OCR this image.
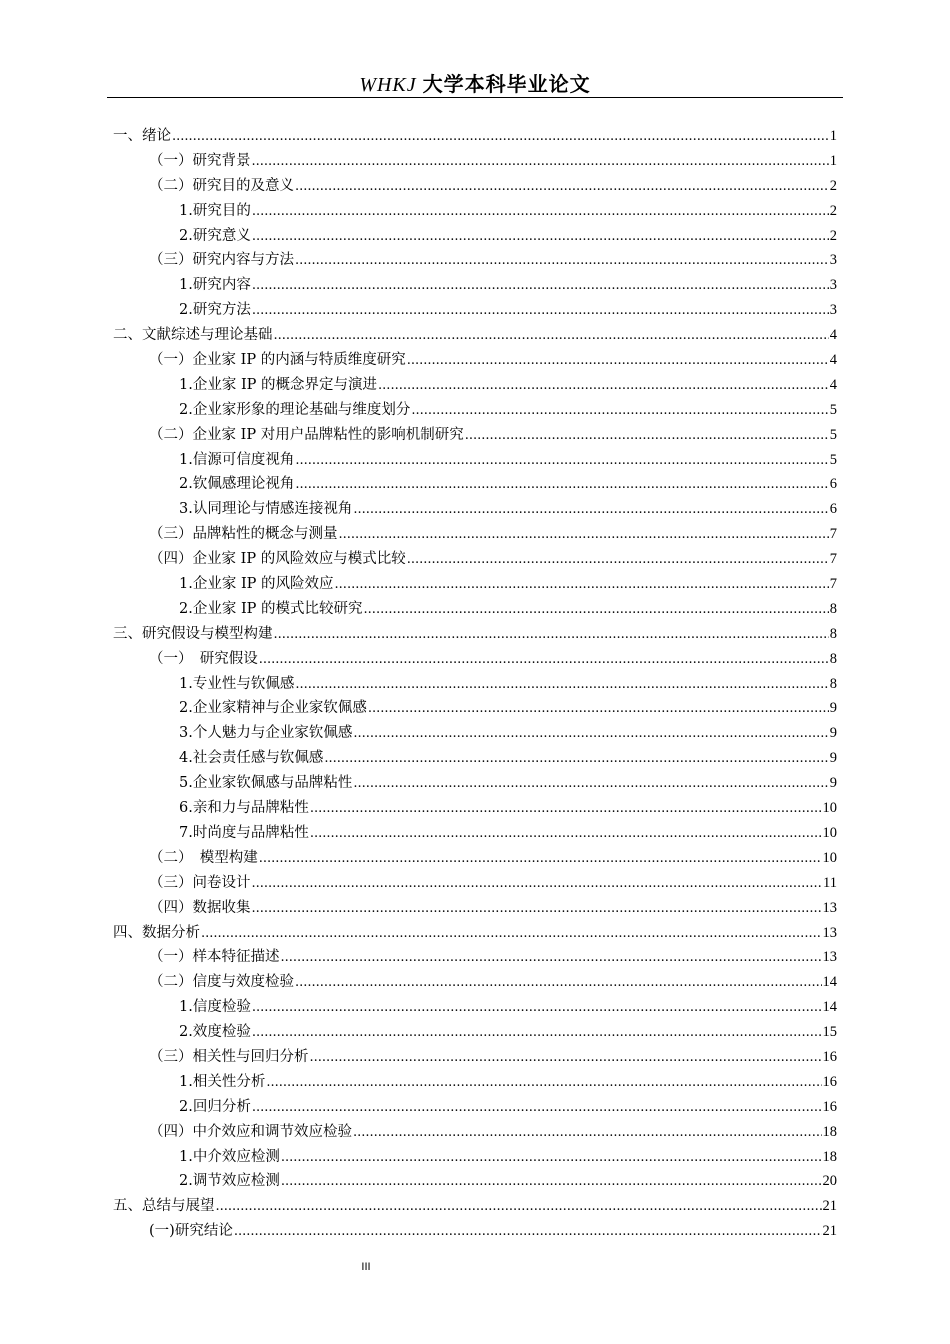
WHKJ 大学本科毕业论文
一、绪论 .....	1
（一）研究背景 .....	1
（二）研究目的及意义 .....	2
1.研究目的 .....	2
2.研究意义 .....	2
（三）研究内容与方法 .....	3
1.研究内容 .....	3
2.研究方法 .....	3
二、文献综述与理论基础 .....	4
（一）企业家 IP 的内涵与特质维度研究 .....	4
1.企业家 IP 的概念界定与演进 .....	4
2.企业家形象的理论基础与维度划分 .....	5
（二）企业家 IP 对用户品牌粘性的影响机制研究 .....	5
1.信源可信度视角 .....	5
2.钦佩感理论视角 .....	6
3.认同理论与情感连接视角 .....	6
（三）品牌粘性的概念与测量 .....	7
（四）企业家 IP 的风险效应与模式比较 .....	7
1.企业家 IP 的风险效应 .....	7
2.企业家 IP 的模式比较研究 .....	8
三、研究假设与模型构建 .....	8
（一）　研究假设 .....	8
1.专业性与钦佩感 .....	8
2.企业家精神与企业家钦佩感 .....	9
3.个人魅力与企业家钦佩感 .....	9
4.社会责任感与钦佩感 .....	9
5.企业家钦佩感与品牌粘性 .....	9
6.亲和力与品牌粘性 .....	10
7.时尚度与品牌粘性 .....	10
（二）　模型构建 .....	10
（三）问卷设计 .....	11
（四）数据收集 .....	13
四、数据分析 .....	13
（一）样本特征描述 .....	13
（二）信度与效度检验 .....	14
1.信度检验 .....	14
2.效度检验 .....	15
（三）相关性与回归分析 .....	16
1.相关性分析 .....	16
2.回归分析 .....	16
（四）中介效应和调节效应检验 .....	18
1.中介效应检测 .....	18
2.调节效应检测 .....	20
五、总结与展望 .....	21
(一)研究结论 .....	21
III
